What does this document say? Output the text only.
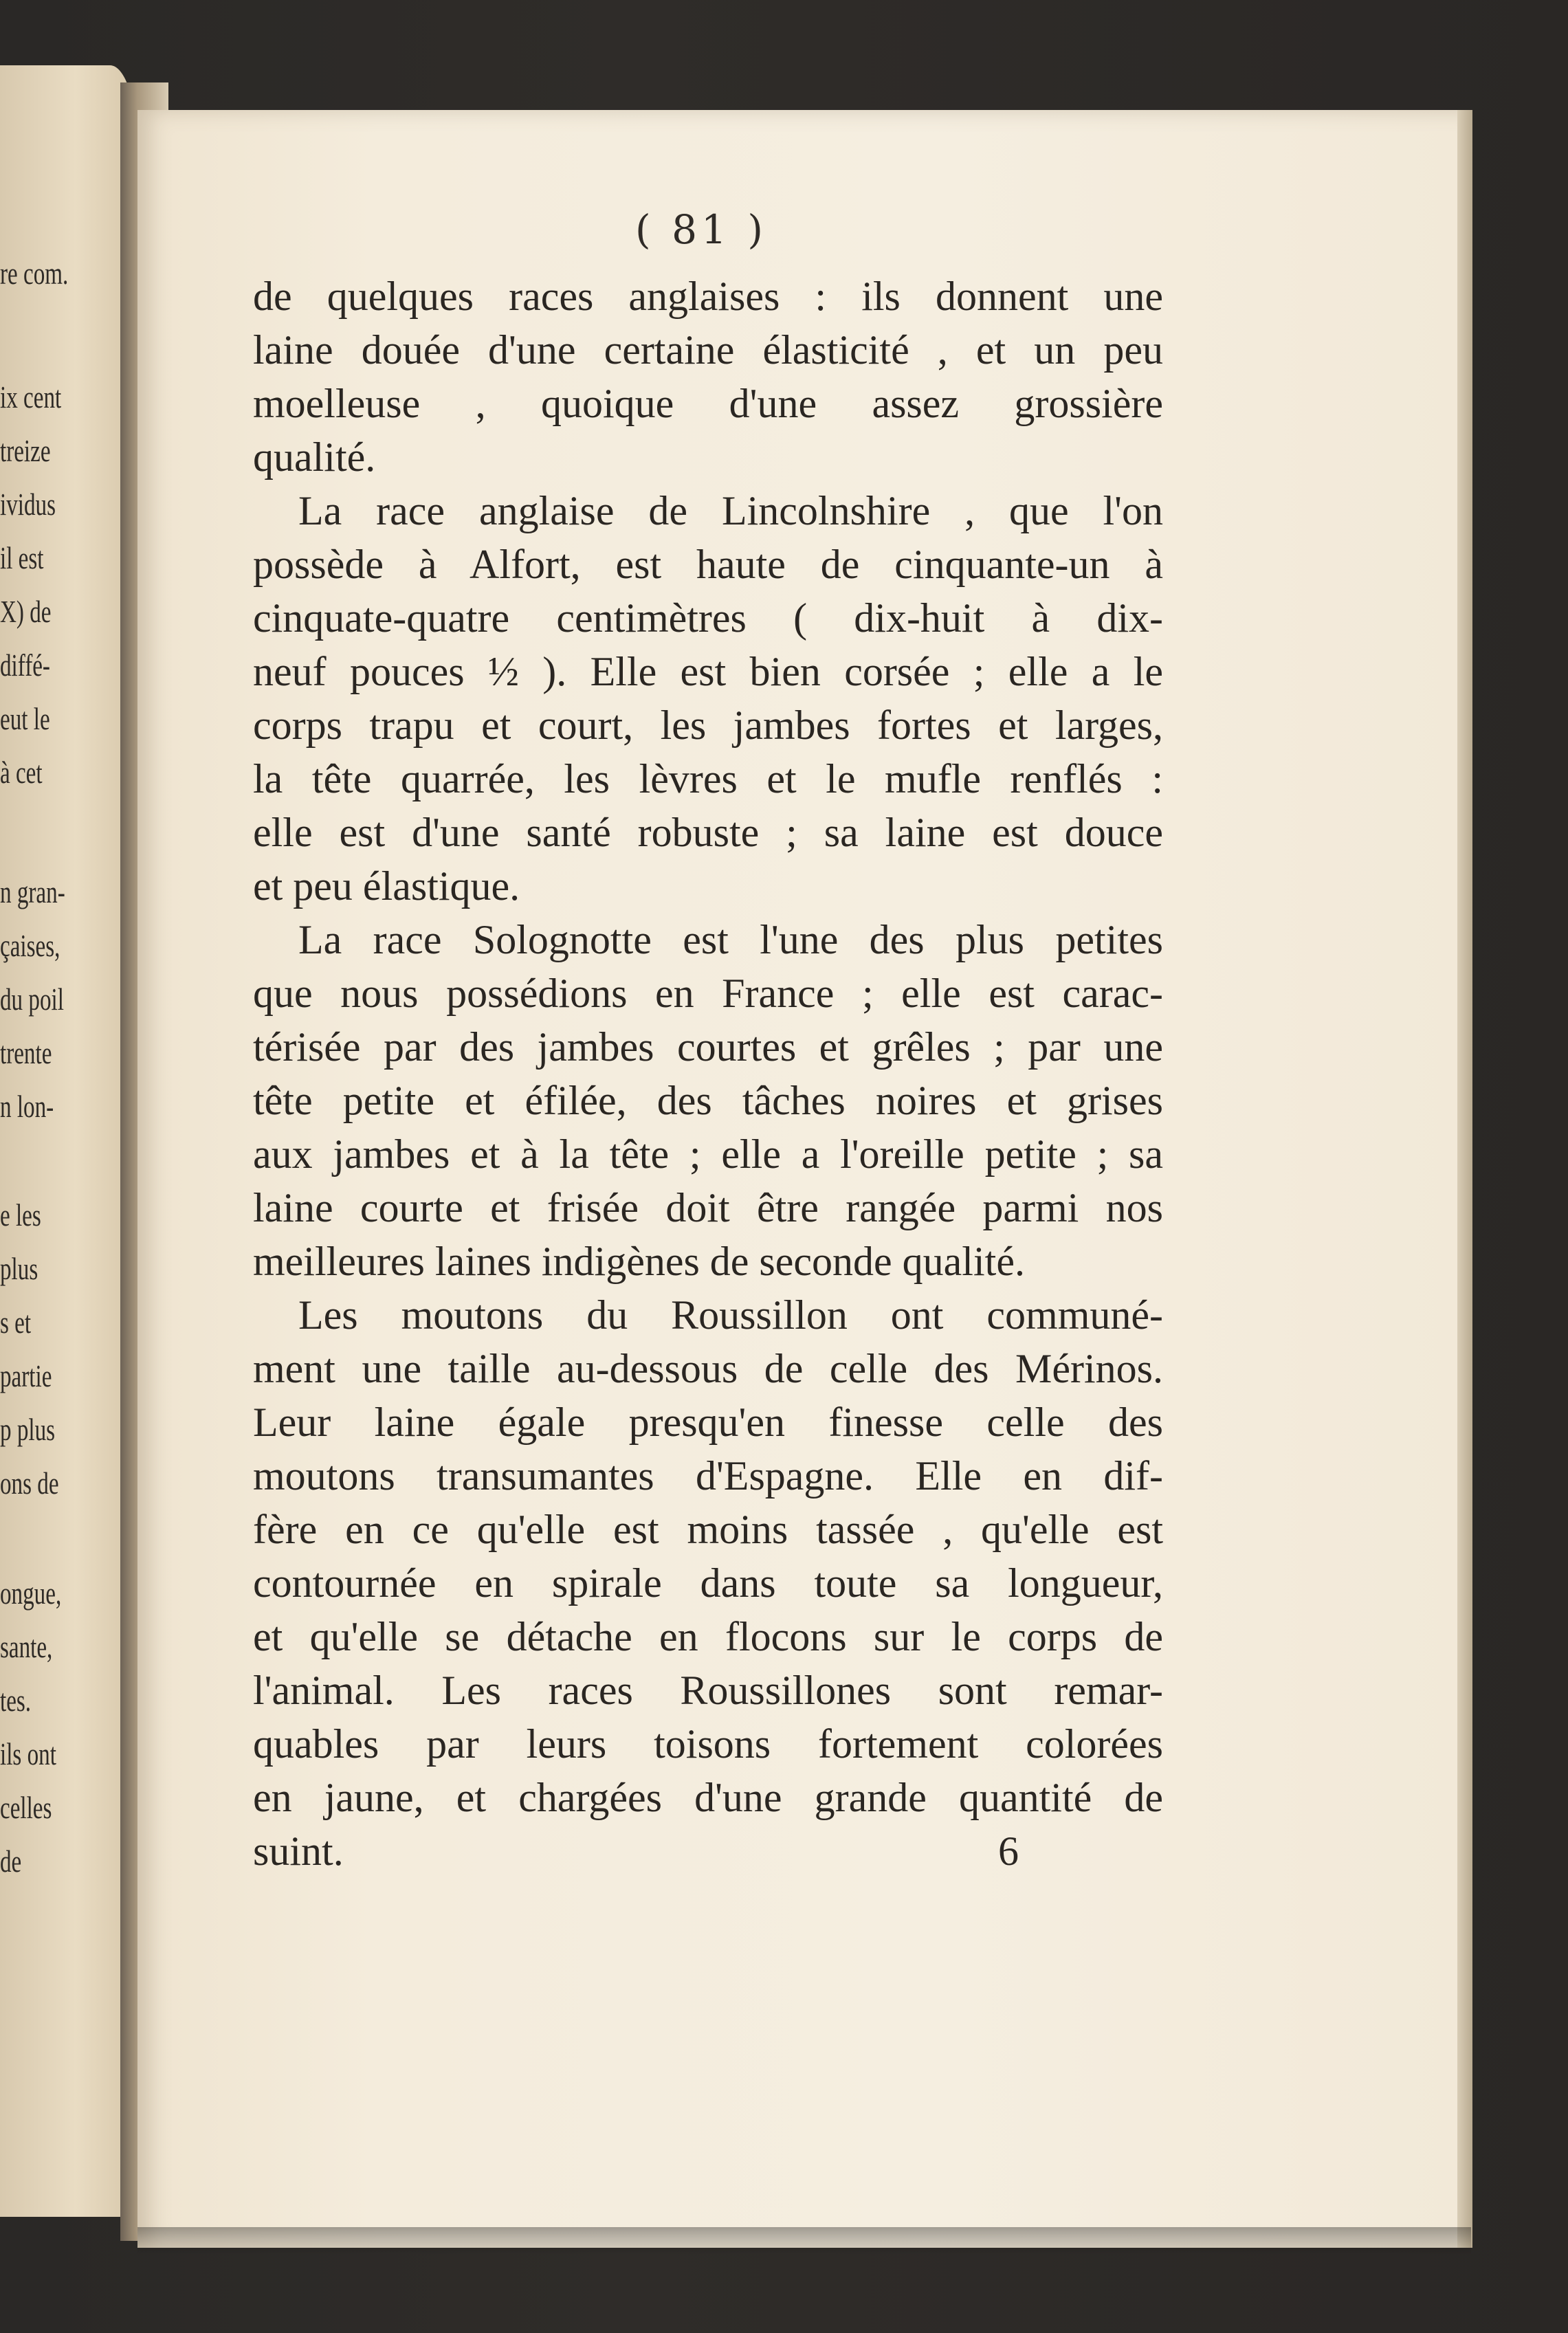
re com.
ix cent
treize
ividus
il est
X) de
diffé-
eut le
à cet
n gran-
çaises,
du poil
trente
n lon-
e les
plus
s et
partie
p plus
ons de
ongue,
sante,
tes.
ils ont
celles
de
( 81 )
de quelques races anglaises : ils donnent une
laine douée d'une certaine élasticité , et un peu
moelleuse , quoique d'une assez grossière
qualité.
La race anglaise de Lincolnshire , que l'on
possède à Alfort, est haute de cinquante-un à
cinquate-quatre centimètres ( dix-huit à dix-
neuf pouces ½ ). Elle est bien corsée ; elle a le
corps trapu et court, les jambes fortes et larges,
la tête quarrée, les lèvres et le mufle renflés :
elle est d'une santé robuste ; sa laine est douce
et peu élastique.
La race Solognotte est l'une des plus petites
que nous possédions en France ; elle est carac-
térisée par des jambes courtes et grêles ; par une
tête petite et éfilée, des tâches noires et grises
aux jambes et à la tête ; elle a l'oreille petite ; sa
laine courte et frisée doit être rangée parmi nos
meilleures laines indigènes de seconde qualité.
Les moutons du Roussillon ont communé-
ment une taille au-dessous de celle des Mérinos.
Leur laine égale presqu'en finesse celle des
moutons transumantes d'Espagne. Elle en dif-
fère en ce qu'elle est moins tassée , qu'elle est
contournée en spirale dans toute sa longueur,
et qu'elle se détache en flocons sur le corps de
l'animal. Les races Roussillones sont remar-
quables par leurs toisons fortement colorées
en jaune, et chargées d'une grande quantité de
suint.	6
